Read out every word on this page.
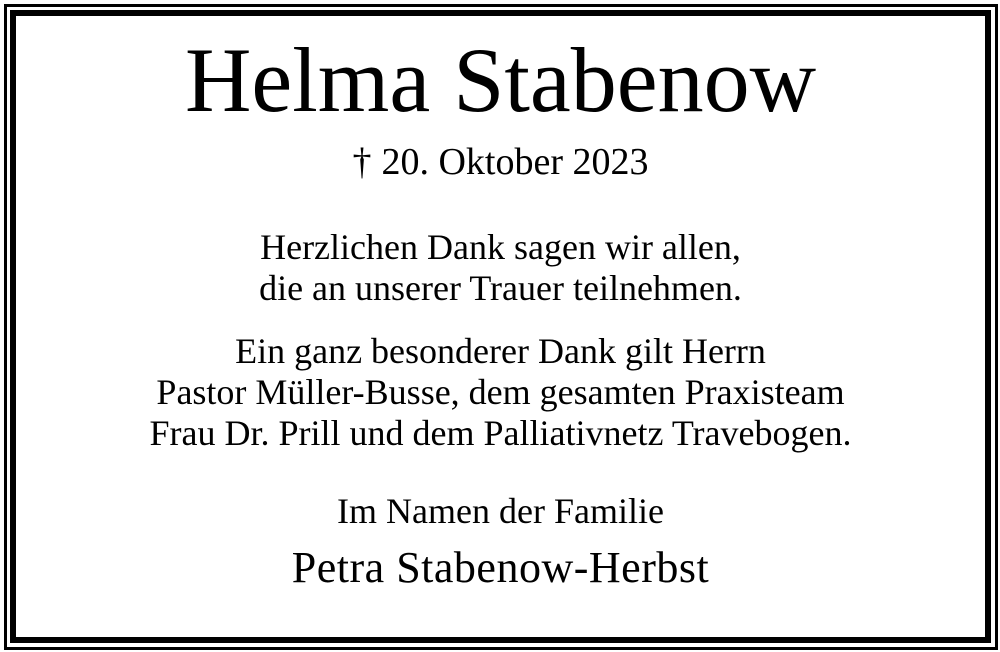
Helma Stabenow
† 20. Oktober 2023
Herzlichen Dank sagen wir allen,
die an unserer Trauer teilnehmen.
Ein ganz besonderer Dank gilt Herrn
Pastor Müller-Busse, dem gesamten Praxisteam
Frau Dr. Prill und dem Palliativnetz Travebogen.
Im Namen der Familie
Petra Stabenow-Herbst
